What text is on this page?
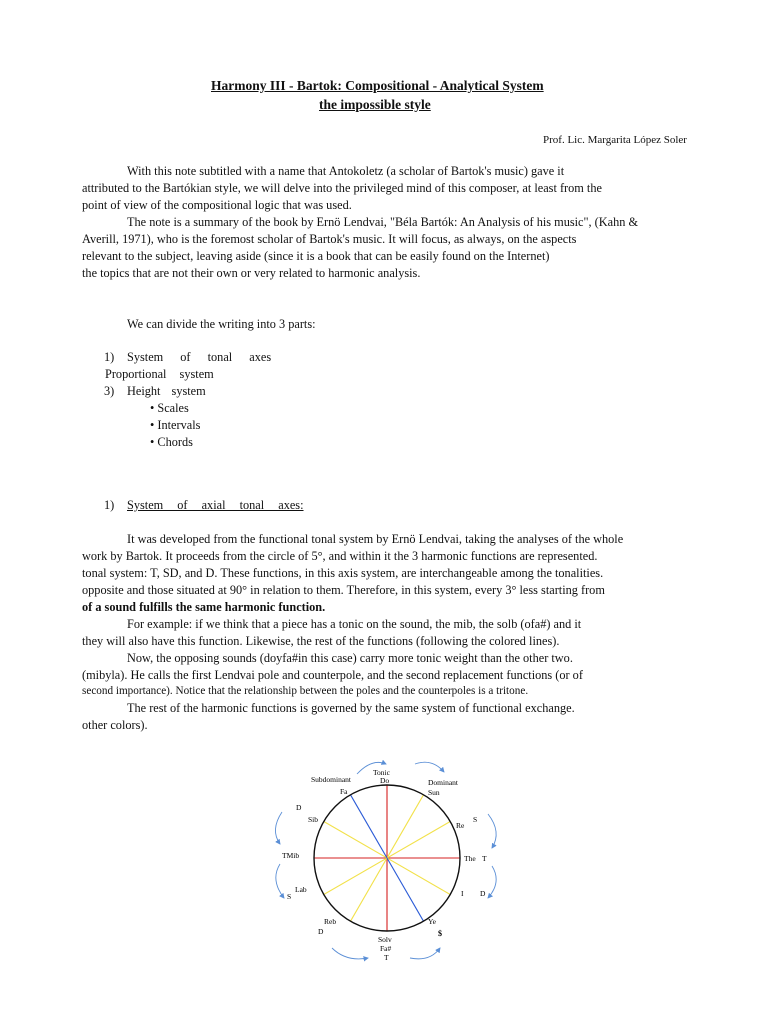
Harmony III - Bartok: Compositional - Analytical System
the impossible style
Prof. Lic. Margarita López Soler
With this note subtitled with a name that Antokoletz (a scholar of Bartok's music) gave it
attributed to the Bartókian style, we will delve into the privileged mind of this composer, at least from the
point of view of the compositional logic that was used.
The note is a summary of the book by Ernö Lendvai, "Béla Bartók: An Analysis of his music", (Kahn &
Averill, 1971), who is the foremost scholar of Bartok's music. It will focus, as always, on the aspects
relevant to the subject, leaving aside (since it is a book that can be easily found on the Internet)
the topics that are not their own or very related to harmonic analysis.
We can divide the writing into 3 parts:
1) System of tonal axes
Proportional system
3) Height system
• Scales
• Intervals
• Chords
1) System of axial tonal axes:
It was developed from the functional tonal system by Ernö Lendvai, taking the analyses of the whole
work by Bartok. It proceeds from the circle of 5°, and within it the 3 harmonic functions are represented.
tonal system: T, SD, and D. These functions, in this axis system, are interchangeable among the tonalities.
opposite and those situated at 90° in relation to them. Therefore, in this system, every 3° less starting from
of a sound fulfills the same harmonic function.
For example: if we think that a piece has a tonic on the sound, the mib, the solb (ofa#) and it
they will also have this function. Likewise, the rest of the functions (following the colored lines).
Now, the opposing sounds (doyfa#in this case) carry more tonic weight than the other two.
(mibyla). He calls the first Lendvai pole and counterpole, and the second replacement functions (or of
second importance). Notice that the relationship between the poles and the counterpoles is a tritone.
The rest of the harmonic functions is governed by the same system of functional exchange.
other colors).
Tonic
Do
Subdominant
Fa
Dominant
Sun
D
Sib
Re
S
TMib	The T
Lab
S	I D
Reb
D
Ye
$
Solv
Fa#
T
